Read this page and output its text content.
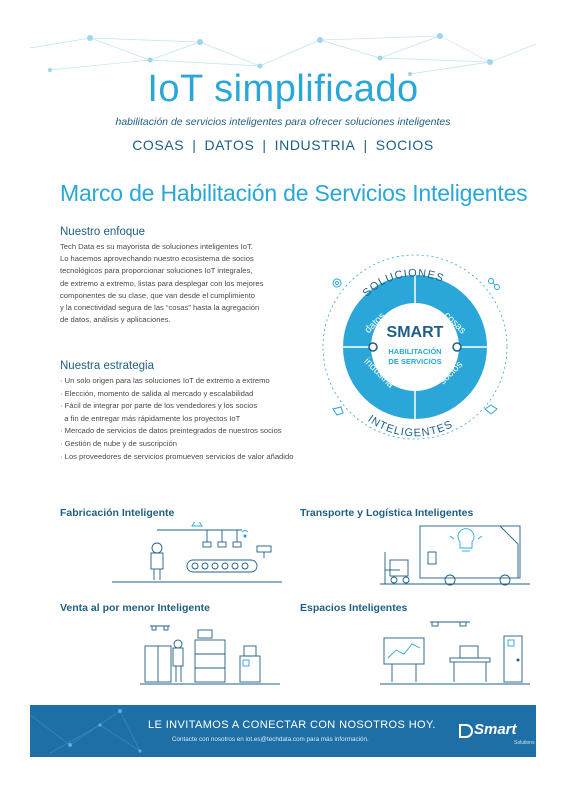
IoT simplificado
habilitación de servicios inteligentes para ofrecer soluciones inteligentes
COSAS | DATOS | INDUSTRIA | SOCIOS
Marco de Habilitación de Servicios Inteligentes
Nuestro enfoque

Tech Data es su mayorista de soluciones inteligentes IoT.

Lo hacemos aprovechando nuestro ecosistema de socios

tecnológicos para proporcionar soluciones IoT integrales,

de extremo a extremo, listas para desplegar con los mejores

componentes de su clase, que van desde el cumplimiento

y la conectividad segura de las “cosas” hasta la agregación

de datos, análisis y aplicaciones.

Nuestra estrategia
· Un solo origen para las soluciones IoT de extremo a extremo
· Elección, momento de salida al mercado y escalabilidad
· Fácil de integrar por parte de los vendedores y los socios
a fin de entregar más rápidamente los proyectos IoT
· Mercado de servicios de datos preintegrados de nuestros socios
· Gestión de nube y de suscripción
· Los proveedores de servicios promueven servicios de valor añadido
SOLUCIONES
INTELIGENTES
SMART
HABILITACIÓN
DE SERVICIOS
datos	cosas
industria	socios
Fabricación Inteligente	Transporte y Logística Inteligentes
Venta al por menor Inteligente	Espacios Inteligentes
LE INVITAMOS A CONECTAR CON NOSOTROS HOY.
Contacte con nosotros en iot.es@techdata.com para más información.
Smart
Solutions
